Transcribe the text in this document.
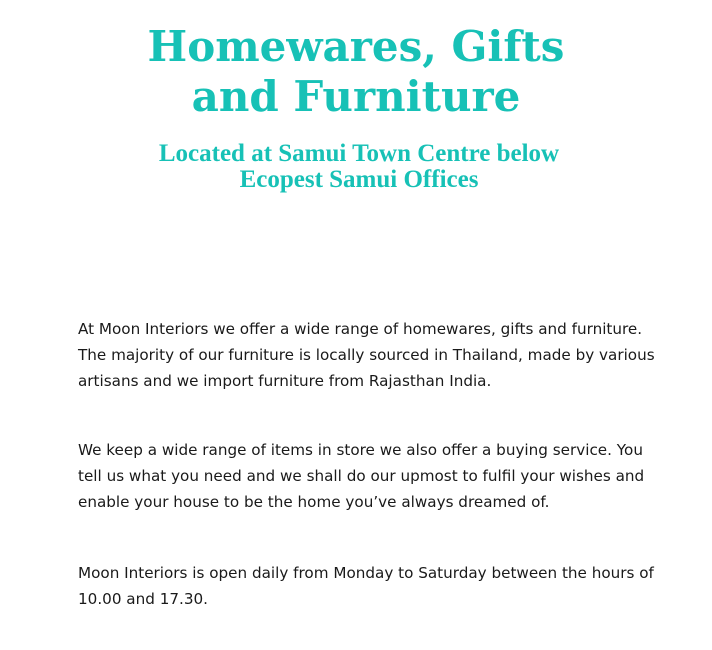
Homewares, Gifts
and Furniture
Located at Samui Town Centre below
Ecopest Samui Offices

At Moon Interiors we offer a wide range of homewares, gifts and furniture.
The majority of our furniture is locally sourced in Thailand, made by various
artisans and we import furniture from Rajasthan India.

We keep a wide range of items in store we also offer a buying service. You
tell us what you need and we shall do our upmost to fulfil your wishes and
enable your house to be the home you’ve always dreamed of.

Moon Interiors is open daily from Monday to Saturday between the hours of
10.00 and 17.30.
